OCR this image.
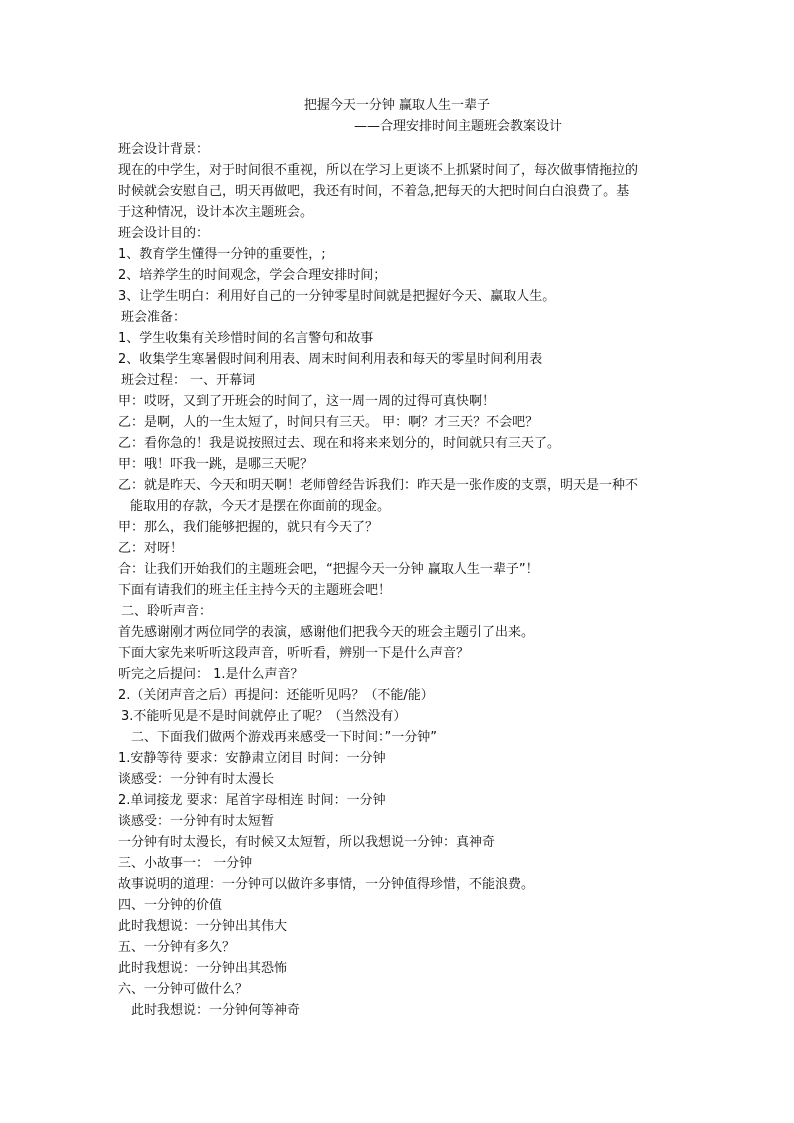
把握今天一分钟 赢取人生一辈子
——合理安排时间主题班会教案设计
班会设计背景：
现在的中学生，对于时间很不重视，所以在学习上更谈不上抓紧时间了，每次做事情拖拉的
时候就会安慰自己，明天再做吧，我还有时间，不着急,把每天的大把时间白白浪费了。基
于这种情况，设计本次主题班会。
班会设计目的：
1、教育学生懂得一分钟的重要性，;
2、培养学生的时间观念，学会合理安排时间；
3、让学生明白：利用好自己的一分钟零星时间就是把握好今天、赢取人生。
班会准备：
1、学生收集有关珍惜时间的名言警句和故事
2、收集学生寒暑假时间利用表、周末时间利用表和每天的零星时间利用表
班会过程： 一、开幕词
甲：哎呀，又到了开班会的时间了，这一周一周的过得可真快啊！
乙：是啊，人的一生太短了，时间只有三天。 甲：啊？才三天？不会吧？
乙：看你急的！我是说按照过去、现在和将来来划分的，时间就只有三天了。
甲：哦！吓我一跳，是哪三天呢？
乙：就是昨天、今天和明天啊！老师曾经告诉我们：昨天是一张作废的支票，明天是一种不
能取用的存款，今天才是摆在你面前的现金。
甲：那么，我们能够把握的，就只有今天了？
乙：对呀！
合：让我们开始我们的主题班会吧，“把握今天一分钟 赢取人生一辈子”！
下面有请我们的班主任主持今天的主题班会吧！
二、聆听声音：
首先感谢刚才两位同学的表演，感谢他们把我今天的班会主题引了出来。
下面大家先来听听这段声音，听听看，辨别一下是什么声音？
听完之后提问： 1.是什么声音？
2.（关闭声音之后）再提问：还能听见吗？（不能/能）
3.不能听见是不是时间就停止了呢？（当然没有）
二、下面我们做两个游戏再来感受一下时间：”一分钟”
1.安静等待 要求：安静肃立闭目 时间：一分钟
谈感受：一分钟有时太漫长
2.单词接龙 要求：尾首字母相连 时间：一分钟
谈感受：一分钟有时太短暂
一分钟有时太漫长，有时候又太短暂，所以我想说一分钟：真神奇
三、小故事一： 一分钟
故事说明的道理：一分钟可以做许多事情，一分钟值得珍惜，不能浪费。
四、一分钟的价值
此时我想说：一分钟出其伟大
五、一分钟有多久？
此时我想说：一分钟出其恐怖
六、一分钟可做什么？
此时我想说：一分钟何等神奇
